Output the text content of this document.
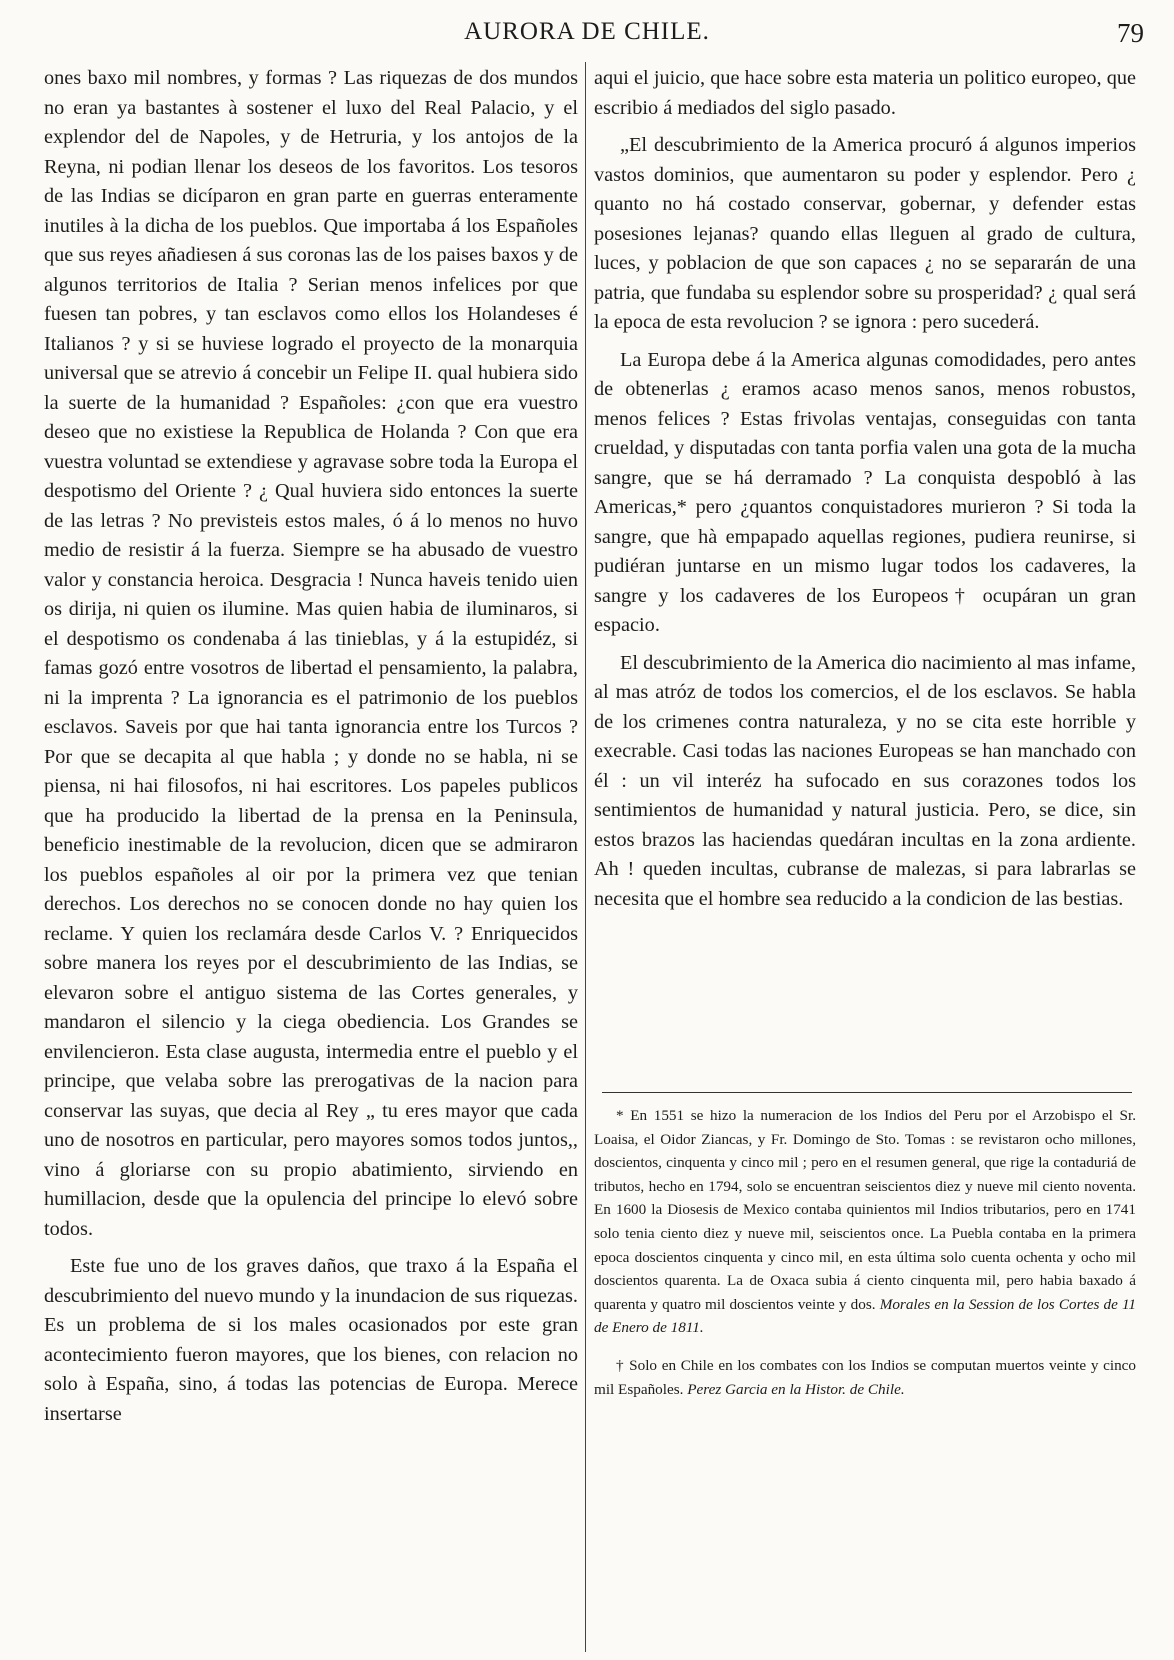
AURORA DE CHILE.	79

ones baxo mil nombres, y formas ? Las riquezas de dos mundos no eran ya bastantes à sostener el luxo del Real Palacio, y el explendor del de Napoles, y de Hetruria, y los antojos de la Reyna, ni podian llenar los deseos de los favoritos. Los tesoros de las Indias se dicíparon en gran parte en guerras enteramente inutiles à la dicha de los pueblos. Que importaba á los Españoles que sus reyes añadiesen á sus coronas las de los paises baxos y de algunos territorios de Italia ? Serian menos infelices por que fuesen tan pobres, y tan esclavos como ellos los Holandeses é Italianos ? y si se huviese logrado el proyecto de la monarquia universal que se atrevio á concebir un Felipe II. qual hubiera sido la suerte de la humanidad ? Españoles: ¿con que era vuestro deseo que no existiese la Republica de Holanda ? Con que era vuestra voluntad se extendiese y agravase sobre toda la Europa el despotismo del Oriente ? ¿ Qual huviera sido entonces la suerte de las letras ? No previsteis estos males, ó á lo menos no huvo medio de resistir á la fuerza. Siempre se ha abusado de vuestro valor y constancia heroica. Desgracia ! Nunca haveis tenido uien os dirija, ni quien os ilumine. Mas quien habia de iluminaros, si el despotismo os condenaba á las tinieblas, y á la estupidéz, si famas gozó entre vosotros de libertad el pensamiento, la palabra, ni la imprenta ? La ignorancia es el patrimonio de los pueblos esclavos. Saveis por que hai tanta ignorancia entre los Turcos ? Por que se decapita al que habla ; y donde no se habla, ni se piensa, ni hai filosofos, ni hai escritores. Los papeles publicos que ha producido la libertad de la prensa en la Peninsula, beneficio inestimable de la revolucion, dicen que se admiraron los pueblos españoles al oir por la primera vez que tenian derechos. Los derechos no se conocen donde no hay quien los reclame. Y quien los reclamára desde Carlos V. ? Enriquecidos sobre manera los reyes por el descubrimiento de las Indias, se elevaron sobre el antiguo sistema de las Cortes generales, y mandaron el silencio y la ciega obediencia. Los Grandes se envilencieron. Esta clase augusta, intermedia entre el pueblo y el principe, que velaba sobre las prerogativas de la nacion para conservar las suyas, que decia al Rey „ tu eres mayor que cada uno de nosotros en particular, pero mayores somos todos juntos,, vino á gloriarse con su propio abatimiento, sirviendo en humillacion, desde que la opulencia del principe lo elevó sobre todos.

Este fue uno de los graves daños, que traxo á la España el descubrimiento del nuevo mundo y la inundacion de sus riquezas. Es un problema de si los males ocasionados por este gran acontecimiento fueron mayores, que los bienes, con relacion no solo à España, sino, á todas las potencias de Europa. Merece insertarse

aqui el juicio, que hace sobre esta materia un politico europeo, que escribio á mediados del siglo pasado.

„El descubrimiento de la America procuró á algunos imperios vastos dominios, que aumentaron su poder y esplendor. Pero ¿ quanto no há costado conservar, gobernar, y defender estas posesiones lejanas? quando ellas lleguen al grado de cultura, luces, y poblacion de que son capaces ¿ no se separarán de una patria, que fundaba su esplendor sobre su prosperidad? ¿ qual será la epoca de esta revolucion ? se ignora : pero sucederá.

La Europa debe á la America algunas comodidades, pero antes de obtenerlas ¿ eramos acaso menos sanos, menos robustos, menos felices ? Estas frivolas ventajas, conseguidas con tanta crueldad, y disputadas con tanta porfia valen una gota de la mucha sangre, que se há derramado ? La conquista despobló à las Americas,* pero ¿quantos conquistadores murieron ? Si toda la sangre, que hà empapado aquellas regiones, pudiera reunirse, si pudiéran juntarse en un mismo lugar todos los cadaveres, la sangre y los cadaveres de los Europeos† ocupáran un gran espacio.

El descubrimiento de la America dio nacimiento al mas infame, al mas atróz de todos los comercios, el de los esclavos. Se habla de los crimenes contra naturaleza, y no se cita este horrible y execrable. Casi todas las naciones Europeas se han manchado con él : un vil interéz ha sufocado en sus corazones todos los sentimientos de humanidad y natural justicia. Pero, se dice, sin estos brazos las haciendas quedáran incultas en la zona ardiente. Ah ! queden incultas, cubranse de malezas, si para labrarlas se necesita que el hombre sea reducido a la condicion de las bestias.

* En 1551 se hizo la numeracion de los Indios del Peru por el Arzobispo el Sr. Loaisa, el Oidor Ziancas, y Fr. Domingo de Sto. Tomas : se revistaron ocho millones, doscientos, cinquenta y cinco mil ; pero en el resumen general, que rige la contaduriá de tributos, hecho en 1794, solo se encuentran seiscientos diez y nueve mil ciento noventa. En 1600 la Diosesis de Mexico contaba quinientos mil Indios tributarios, pero en 1741 solo tenia ciento diez y nueve mil, seiscientos once. La Puebla contaba en la primera epoca doscientos cinquenta y cinco mil, en esta última solo cuenta ochenta y ocho mil doscientos quarenta. La de Oxaca subia á ciento cinquenta mil, pero habia baxado á quarenta y quatro mil doscientos veinte y dos. Morales en la Session de los Cortes de 11 de Enero de 1811.

† Solo en Chile en los combates con los Indios se computan muertos veinte y cinco mil Españoles. Perez Garcia en la Histor. de Chile.
